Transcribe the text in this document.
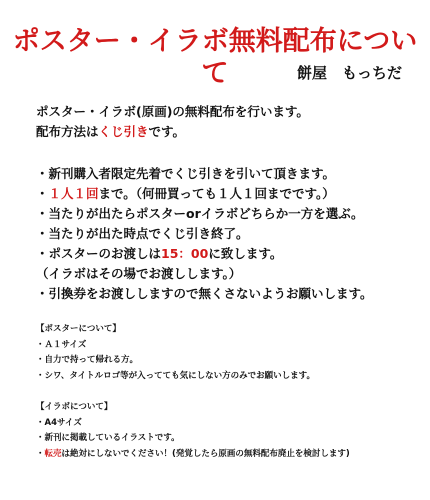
ポスター・イラボ無料配布について	餅屋　もっちだ
ポスター・イラボ(原画)の無料配布を行います。
配布方法はくじ引きです。
・新刊購入者限定先着でくじ引きを引いて頂きます。
・１人１回まで。（何冊買っても１人１回までです。）
・当たりが出たらポスターorイラボどちらか一方を選ぶ。
・当たりが出た時点でくじ引き終了。
・ポスターのお渡しは15：00に致します。
（イラボはその場でお渡しします。）
・引換券をお渡ししますので無くさないようお願いします。
【ポスターについて】
・Ａ１サイズ
・自力で持って帰れる方。
・シワ、タイトルロゴ等が入ってても気にしない方のみでお願いします。
【イラボについて】
・A4サイズ
・新刊に掲載しているイラストです。
・転売は絶対にしないでください！(発覚したら原画の無料配布廃止を検討します)
